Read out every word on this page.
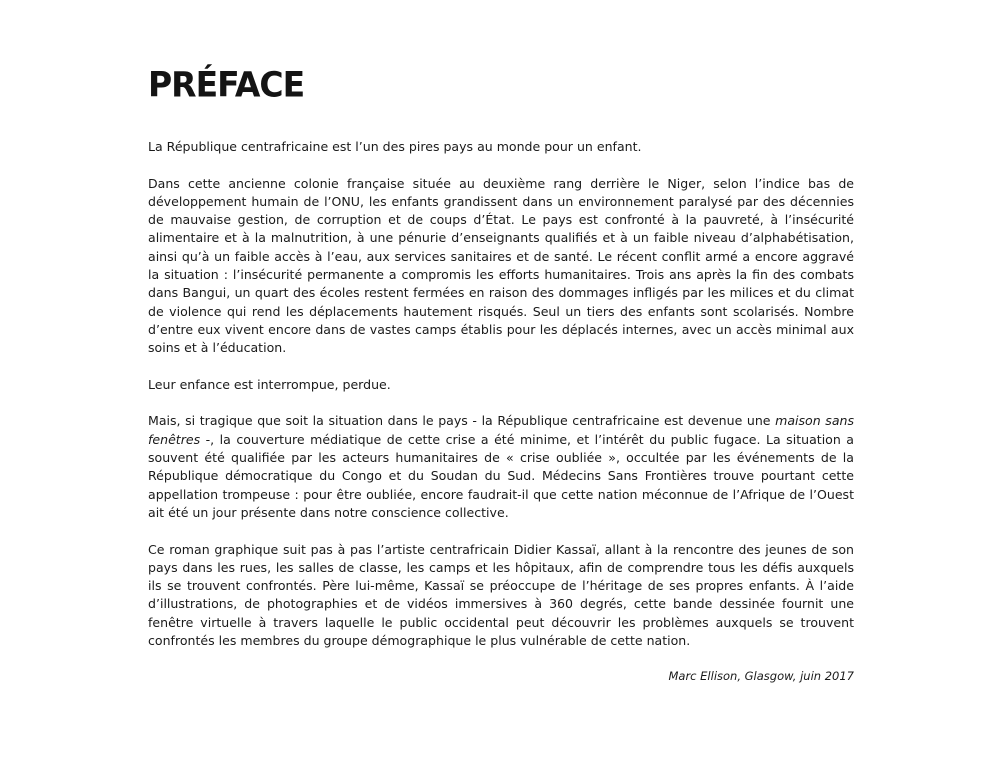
PRÉFACE

La République centrafricaine est l’un des pires pays au monde pour un enfant.

Dans cette ancienne colonie française située au deuxième rang derrière le Niger, selon l’indice bas de développement humain de l’ONU, les enfants grandissent dans un environnement paralysé par des décennies de mauvaise gestion, de corruption et de coups d’État. Le pays est confronté à la pauvreté, à l’insécurité alimentaire et à la malnutrition, à une pénurie d’enseignants qualifiés et à un faible niveau d’alphabétisation, ainsi qu’à un faible accès à l’eau, aux services sanitaires et de santé. Le récent conflit armé a encore aggravé la situation : l’insécurité permanente a compromis les efforts humanitaires. Trois ans après la fin des combats dans Bangui, un quart des écoles restent fermées en raison des dommages infligés par les milices et du climat de violence qui rend les déplacements hautement risqués. Seul un tiers des enfants sont scolarisés. Nombre d’entre eux vivent encore dans de vastes camps établis pour les déplacés internes, avec un accès minimal aux soins et à l’éducation.

Leur enfance est interrompue, perdue.

Mais, si tragique que soit la situation dans le pays - la République centrafricaine est devenue une maison sans fenêtres -, la couverture médiatique de cette crise a été minime, et l’intérêt du public fugace. La situation a souvent été qualifiée par les acteurs humanitaires de « crise oubliée », occultée par les événements de la République démocratique du Congo et du Soudan du Sud. Médecins Sans Frontières trouve pourtant cette appellation trompeuse : pour être oubliée, encore faudrait-il que cette nation méconnue de l’Afrique de l’Ouest ait été un jour présente dans notre conscience collective.

Ce roman graphique suit pas à pas l’artiste centrafricain Didier Kassaï, allant à la rencontre des jeunes de son pays dans les rues, les salles de classe, les camps et les hôpitaux, afin de comprendre tous les défis auxquels ils se trouvent confrontés. Père lui-même, Kassaï se préoccupe de l’héritage de ses propres enfants. À l’aide d’illustrations, de photographies et de vidéos immersives à 360 degrés, cette bande dessinée fournit une fenêtre virtuelle à travers laquelle le public occidental peut découvrir les problèmes auxquels se trouvent confrontés les membres du groupe démographique le plus vulnérable de cette nation.

Marc Ellison, Glasgow, juin 2017
